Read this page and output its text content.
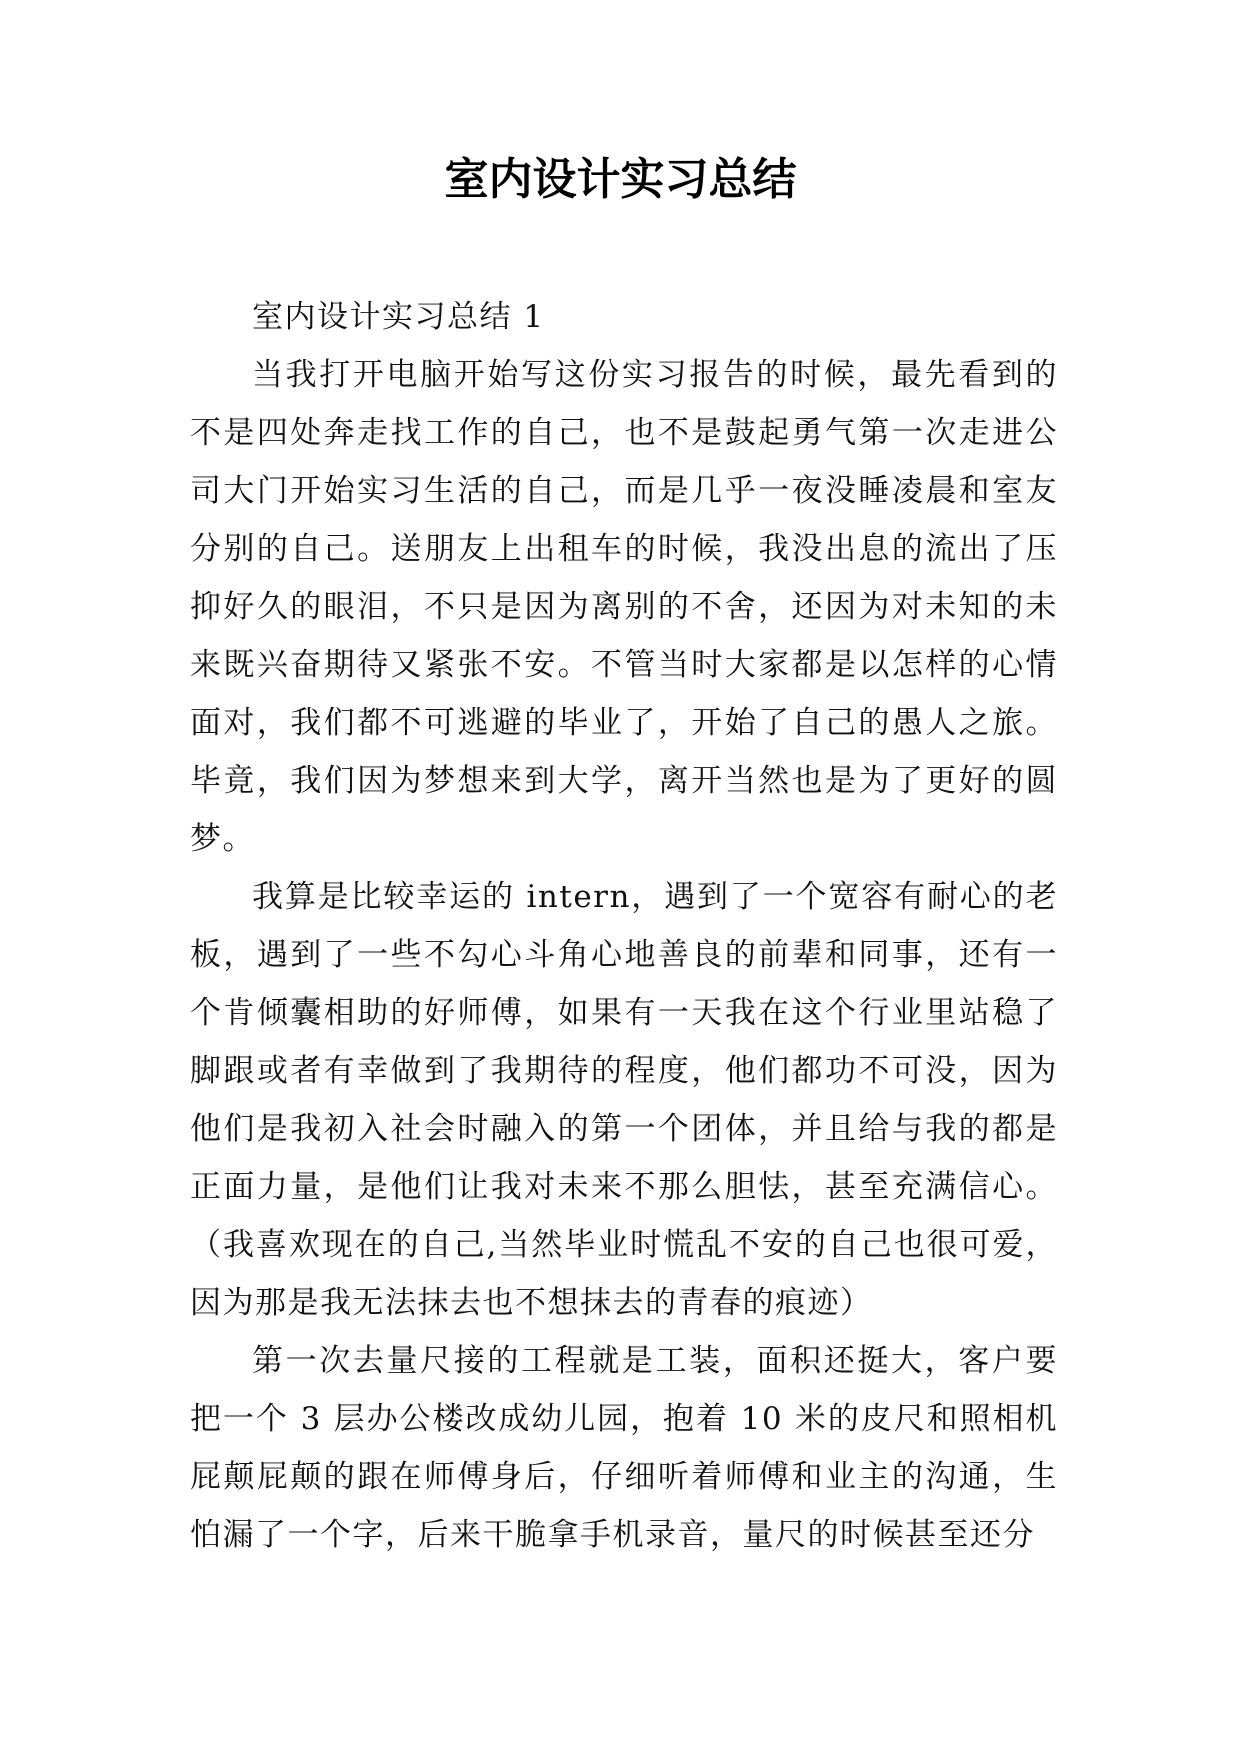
室内设计实习总结

室内设计实习总结 1

当我打开电脑开始写这份实习报告的时候，最先看到的不是四处奔走找工作的自己，也不是鼓起勇气第一次走进公司大门开始实习生活的自己，而是几乎一夜没睡凌晨和室友分别的自己。送朋友上出租车的时候，我没出息的流出了压抑好久的眼泪，不只是因为离别的不舍，还因为对未知的未来既兴奋期待又紧张不安。不管当时大家都是以怎样的心情面对，我们都不可逃避的毕业了，开始了自己的愚人之旅。毕竟，我们因为梦想来到大学，离开当然也是为了更好的圆梦。

我算是比较幸运的 intern，遇到了一个宽容有耐心的老板，遇到了一些不勾心斗角心地善良的前辈和同事，还有一个肯倾囊相助的好师傅，如果有一天我在这个行业里站稳了脚跟或者有幸做到了我期待的程度，他们都功不可没，因为他们是我初入社会时融入的第一个团体，并且给与我的都是正面力量，是他们让我对未来不那么胆怯，甚至充满信心。（我喜欢现在的自己,当然毕业时慌乱不安的自己也很可爱，因为那是我无法抹去也不想抹去的青春的痕迹）

第一次去量尺接的工程就是工装，面积还挺大，客户要把一个 3 层办公楼改成幼儿园，抱着 10 米的皮尺和照相机屁颠屁颠的跟在师傅身后，仔细听着师傅和业主的沟通，生怕漏了一个字，后来干脆拿手机录音，量尺的时候甚至还分
